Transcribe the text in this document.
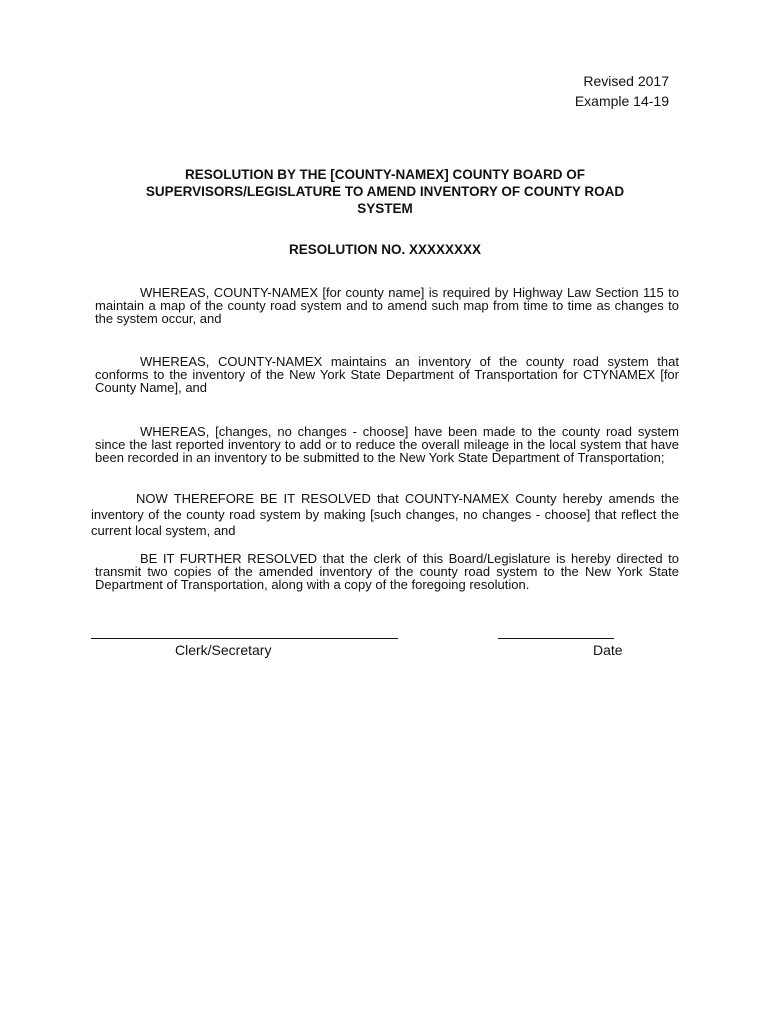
Revised 2017
Example 14-19
RESOLUTION BY THE [COUNTY-NAMEX] COUNTY BOARD OF
SUPERVISORS/LEGISLATURE TO AMEND INVENTORY OF COUNTY ROAD
SYSTEM
RESOLUTION NO. XXXXXXXX
WHEREAS, COUNTY-NAMEX [for county name] is required by Highway Law Section 115 to maintain a map of the county road system and to amend such map from time to time as changes to the system occur, and
WHEREAS, COUNTY-NAMEX maintains an inventory of the county road system that conforms to the inventory of the New York State Department of Transportation for CTYNAMEX [for County Name], and
WHEREAS, [changes, no changes - choose] have been made to the county road system since the last reported inventory to add or to reduce the overall mileage in the local system that have been recorded in an inventory to be submitted to the New York State Department of Transportation;
NOW THEREFORE BE IT RESOLVED that COUNTY-NAMEX County hereby amends the inventory of the county road system by making [such changes, no changes - choose] that reflect the current local system, and
BE IT FURTHER RESOLVED that the clerk of this Board/Legislature is hereby directed to transmit two copies of the amended inventory of the county road system to the New York State Department of Transportation, along with a copy of the foregoing resolution.
Clerk/Secretary	Date
